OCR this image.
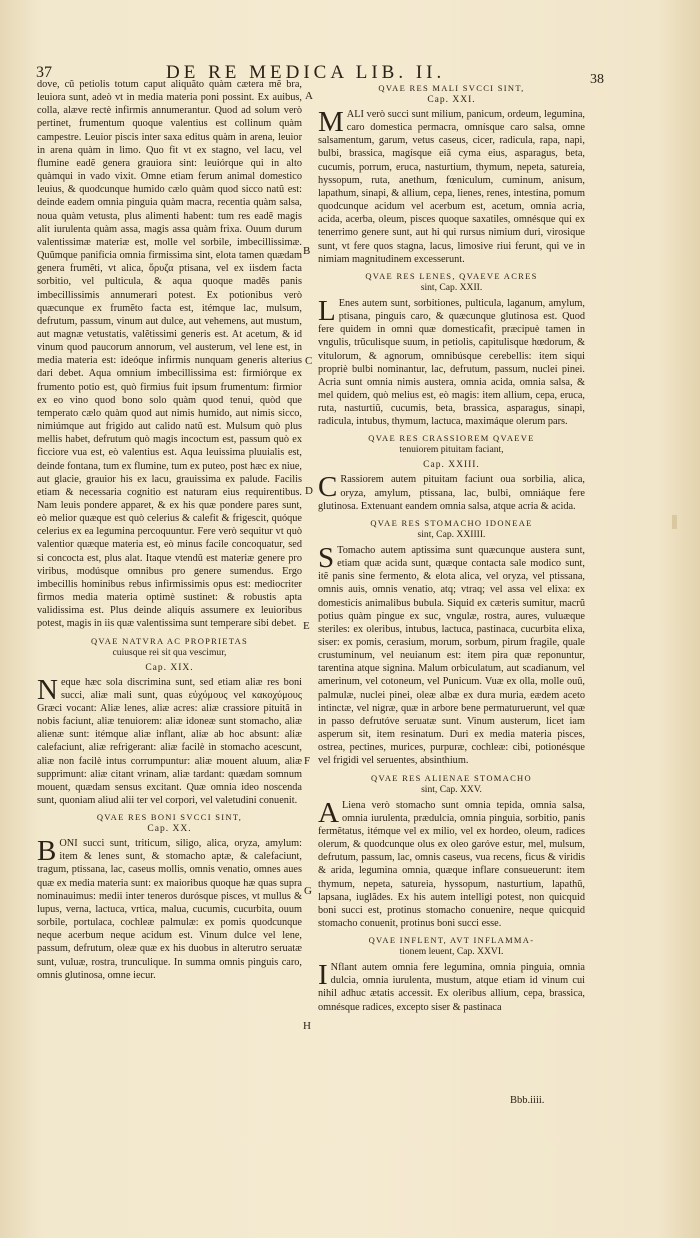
37	DE RE MEDICA LIB. II.	38

dove, cũ petiolis totum caput aliquãto quàm cætera mẽ bra, leuiora sunt, adeò vt in media materia poni possint. Ex auibus, colla, alæve rectè infirmis annumerantur. Quod ad solum verò pertinet, frumentum quoque valentius est collinum quàm campestre. Leuior piscis inter saxa editus quàm in arena, leuior in arena quàm in limo. Quo fit vt ex stagno, vel lacu, vel flumine eadẽ genera grauiora sint: leuiórque qui in alto quàmqui in vado vixit. Omne etiam ferum animal domestico leuius, & quodcunque humido cælo quàm quod sicco natũ est: deinde eadem omnia pinguia quàm macra, recentia quàm salsa, noua quàm vetusta, plus alimenti habent: tum res eadẽ magis alit iurulenta quàm assa, magis assa quàm frixa. Ouum durum valentissimæ materiæ est, molle vel sorbile, imbecillissimæ. Quũmque panificia omnia firmissima sint, elota tamen quædam genera frumẽti, vt alica, ὄρυζα ptisana, vel ex iisdem facta sorbitio, vel pulticula, & aqua quoque madẽs panis imbecillissimis annumerari potest. Ex potionibus verò quæcunque ex frumẽto facta est, itémque lac, mulsum, defrutum, passum, vinum aut dulce, aut vehemens, aut mustum, aut magnæ vetustatis, valẽtissimi generis est. At acetum, & id vinum quod paucorum annorum, vel austerum, vel lene est, in media materia est: ideóque infirmis nunquam generis alterius dari debet. Aqua omnium imbecillissima est: firmiórque ex frumento potio est, quò firmius fuit ipsum frumentum: firmior ex eo vino quod bono solo quàm quod tenui, quòd que temperato cælo quàm quod aut nimis humido, aut nimis sicco, nimiúmque aut frigido aut calido natũ est. Mulsum quò plus mellis habet, defrutum quò magis incoctum est, passum quò ex ficciore vua est, eò valentius est. Aqua leuissima pluuialis est, deinde fontana, tum ex flumine, tum ex puteo, post hæc ex niue, aut glacie, grauior his ex lacu, grauissima ex palude. Facilis etiam & necessaria cognitio est naturam eius requirentibus. Nam leuis pondere apparet, & ex his quæ pondere pares sunt, eò melior quæque est quò celerius & calefit & frigescit, quóque celerius ex ea legumina percoquuntur. Fere verò sequitur vt quò valentior quæque materia est, eò minus facile concoquatur, sed si concocta est, plus alat. Itaque vtendũ est materiæ genere pro viribus, modúsque omnibus pro genere sumendus. Ergo imbecillis hominibus rebus infirmissimis opus est: mediocriter firmos media materia optimè sustinet: & robustis apta validissima est. Plus deinde aliquis assumere ex leuioribus potest, magis in iis quæ valentissima sunt temperare sibi debet.

QVAE NATVRA AC PROPRIETAS

cuiusque rei sit qua vescimur,

Cap. XIX.

Neque hæc sola discrimina sunt, sed etiam aliæ res boni succi, aliæ mali sunt, quas εὐχύμους vel κακοχύμους Græci vocant: Aliæ lenes, aliæ acres: aliæ crassiore pituitã in nobis faciunt, aliæ tenuiorem: aliæ idoneæ sunt stomacho, aliæ alienæ sunt: itémque aliæ inflant, aliæ ab hoc absunt: aliæ calefaciunt, aliæ refrigerant: aliæ facilè in stomacho acescunt, aliæ non facilè intus corrumpuntur: aliæ mouent aluum, aliæ supprimunt: aliæ citant vrinam, aliæ tardant: quædam somnum mouent, quædam sensus excitant. Quæ omnia ideo noscenda sunt, quoniam aliud alii ter vel corpori, vel valetudini conuenit.

QVAE RES BONI SVCCI SINT,

Cap. XX.

BONI succi sunt, triticum, siligo, alica, oryza, amylum: item & lenes sunt, & stomacho aptæ, & calefaciunt, tragum, ptissana, lac, caseus mollis, omnis venatio, omnes aues quæ ex media materia sunt: ex maioribus quoque hæ quas supra nominauimus: medii inter teneros durósque pisces, vt mullus & lupus, verna, lactuca, vrtica, malua, cucumis, cucurbita, ouum sorbile, portulaca, cochleæ palmulæ: ex pomis quodcunque neque acerbum neque acidum est. Vinum dulce vel lene, passum, defrutum, oleæ quæ ex his duobus in alterutro seruatæ sunt, vuluæ, rostra, trunculique. In summa omnis pinguis caro, omnis glutinosa, omne iecur.

QVAE RES MALI SVCCI SINT,

Cap. XXI.

MALI verò succi sunt milium, panicum, ordeum, legumina, caro domestica permacra, omnísque caro salsa, omne salsamentum, garum, vetus caseus, cicer, radicula, rapa, napi, bulbi, brassica, magísque eiã cyma eius, asparagus, beta, cucumis, porrum, eruca, nasturtium, thymum, nepeta, satureia, hyssopum, ruta, anethum, fœniculum, cuminum, anisum, lapathum, sinapi, & allium, cepa, lienes, renes, intestina, pomum quodcunque acidum vel acerbum est, acetum, omnia acria, acida, acerba, oleum, pisces quoque saxatiles, omnésque qui ex tenerrimo genere sunt, aut hi qui rursus nimium duri, virosique sunt, vt fere quos stagna, lacus, limosive riui ferunt, qui ve in nimiam magnitudinem excesserunt.

QVAE RES LENES, QVAEVE ACRES

sint, Cap. XXII.

L Enes autem sunt, sorbitiones, pulticula, laganum, amylum, ptisana, pinguis caro, & quæcunque glutinosa est. Quod fere quidem in omni quæ domesticafit, præcipuè tamen in vngulis, trũculisque suum, in petiolis, capitulisque hœdorum, & vitulorum, & agnorum, omnibúsque cerebellis: item siqui propriè bulbi nominantur, lac, defrutum, passum, nuclei pinei. Acria sunt omnia nimis austera, omnia acida, omnia salsa, & mel quidem, quò melius est, eò magis: item allium, cepa, eruca, ruta, nasturtiũ, cucumis, beta, brassica, asparagus, sinapi, radicula, intubus, thymum, lactuca, maximáque olerum pars.

QVAE RES CRASSIOREM QVAEVE

tenuiorem pituitam faciant,

Cap. XXIII.

C Rassiorem autem pituitam faciunt oua sorbilia, alica, oryza, amylum, ptissana, lac, bulbi, omniáque fere glutinosa. Extenuant eandem omnia salsa, atque acria & acida.

QVAE RES STOMACHO IDONEAE

sint, Cap. XXIIII.

S Tomacho autem aptissima sunt quæcunque austera sunt, etiam quæ acida sunt, quæque contacta sale modico sunt, itẽ panis sine fermento, & elota alica, vel oryza, vel ptissana, omnis auis, omnis venatio, atq; vtraq; vel assa vel elixa: ex domesticis animalibus bubula. Siquid ex cæteris sumitur, macrũ potius quàm pingue ex suc, vngulæ, rostra, aures, vuluæque steriles: ex oleribus, intubus, lactuca, pastinaca, cucurbita elixa, siser: ex pomis, cerasium, morum, sorbum, pirum fragile, quale crustuminum, vel neuianum est: item pira quæ reponuntur, tarentina atque signina. Malum orbiculatum, aut scadianum, vel amerinum, vel cotoneum, vel Punicum. Vuæ ex olla, molle ouũ, palmulæ, nuclei pinei, oleæ albæ ex dura muria, eædem aceto intinctæ, vel nigræ, quæ in arbore bene permaturuerunt, vel quæ in passo defrutóve seruatæ sunt. Vinum austerum, licet iam asperum sit, item resinatum. Duri ex media materia pisces, ostrea, pectines, murices, purpuræ, cochleæ: cibi, potionésque vel frigidi vel seruentes, absinthium.

QVAE RES ALIENAE STOMACHO

sint, Cap. XXV.

A Liena verò stomacho sunt omnia tepida, omnia salsa, omnia iurulenta, prædulcia, omnia pinguia, sorbitio, panis fermẽtatus, itémque vel ex milio, vel ex hordeo, oleum, radices olerum, & quodcunque olus ex oleo garóve estur, mel, mulsum, defrutum, passum, lac, omnis caseus, vua recens, ficus & viridis & arida, legumina omnia, quæque inflare consueuerunt: item thymum, nepeta, satureia, hyssopum, nasturtium, lapathũ, lapsana, iuglãdes. Ex his autem intelligi potest, non quicquid boni succi est, protinus stomacho conuenire, neque quicquid stomacho conuenit, protinus boni succi esse.

QVAE INFLENT, AVT INFLAMMA-

tionem leuent, Cap. XXVI.

I Nflant autem omnia fere legumina, omnia pinguia, omnia dulcia, omnia iurulenta, mustum, atque etiam id vinum cui nihil adhuc ætatis accessit. Ex oleribus allium, cepa, brassica, omnésque radices, excepto siser & pastinaca

A
B
C
D
E
F
G
H
Bbb.iiii.
